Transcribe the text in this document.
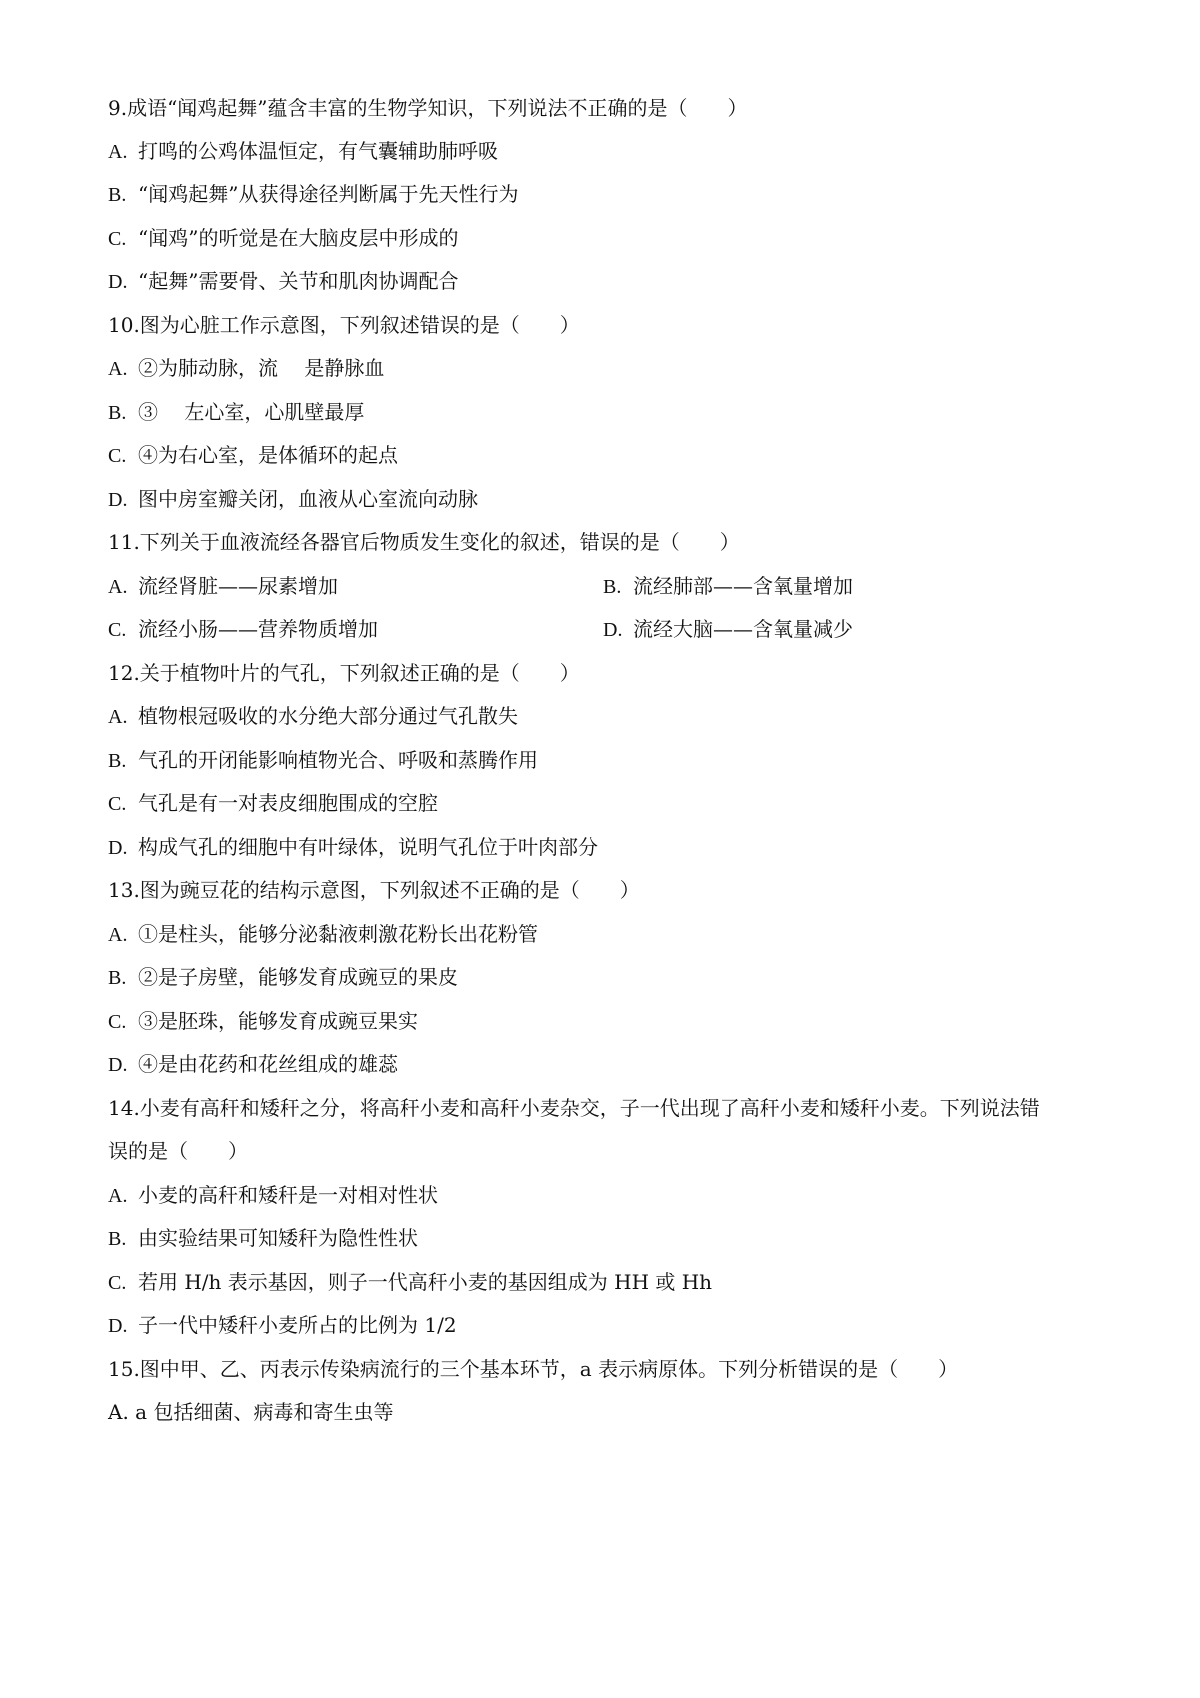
9.成语“闻鸡起舞”蕴含丰富的生物学知识，下列说法不正确的是（　　）
A. 打鸣的公鸡体温恒定，有气囊辅助肺呼吸
B. “闻鸡起舞”从获得途径判断属于先天性行为
C. “闻鸡”的听觉是在大脑皮层中形成的
D. “起舞”需要骨、关节和肌肉协调配合
10.图为心脏工作示意图，下列叙述错误的是（　　）
A. ②为肺动脉，流　 是静脉血
B. ③　 左心室，心肌壁最厚
C. ④为右心室，是体循环的起点
D. 图中房室瓣关闭，血液从心室流向动脉
11.下列关于血液流经各器官后物质发生变化的叙述，错误的是（　　）
A. 流经肾脏——尿素增加	B. 流经肺部——含氧量增加
C. 流经小肠——营养物质增加	D. 流经大脑——含氧量减少
12.关于植物叶片的气孔，下列叙述正确的是（　　）
A. 植物根冠吸收的水分绝大部分通过气孔散失
B. 气孔的开闭能影响植物光合、呼吸和蒸腾作用
C. 气孔是有一对表皮细胞围成的空腔
D. 构成气孔的细胞中有叶绿体，说明气孔位于叶肉部分
13.图为豌豆花的结构示意图，下列叙述不正确的是（　　）
A. ①是柱头，能够分泌黏液刺激花粉长出花粉管
B. ②是子房壁，能够发育成豌豆的果皮
C. ③是胚珠，能够发育成豌豆果实
D. ④是由花药和花丝组成的雄蕊
14.小麦有高秆和矮秆之分，将高秆小麦和高秆小麦杂交，子一代出现了高秆小麦和矮秆小麦。下列说法错
误的是（　　）
A. 小麦的高秆和矮秆是一对相对性状
B. 由实验结果可知矮秆为隐性性状
C. 若用 H/h 表示基因，则子一代高秆小麦的基因组成为 HH 或 Hh
D. 子一代中矮秆小麦所占的比例为 1/2
15.图中甲、乙、丙表示传染病流行的三个基本环节，a 表示病原体。下列分析错误的是（　　）
A. a 包括细菌、病毒和寄生虫等
